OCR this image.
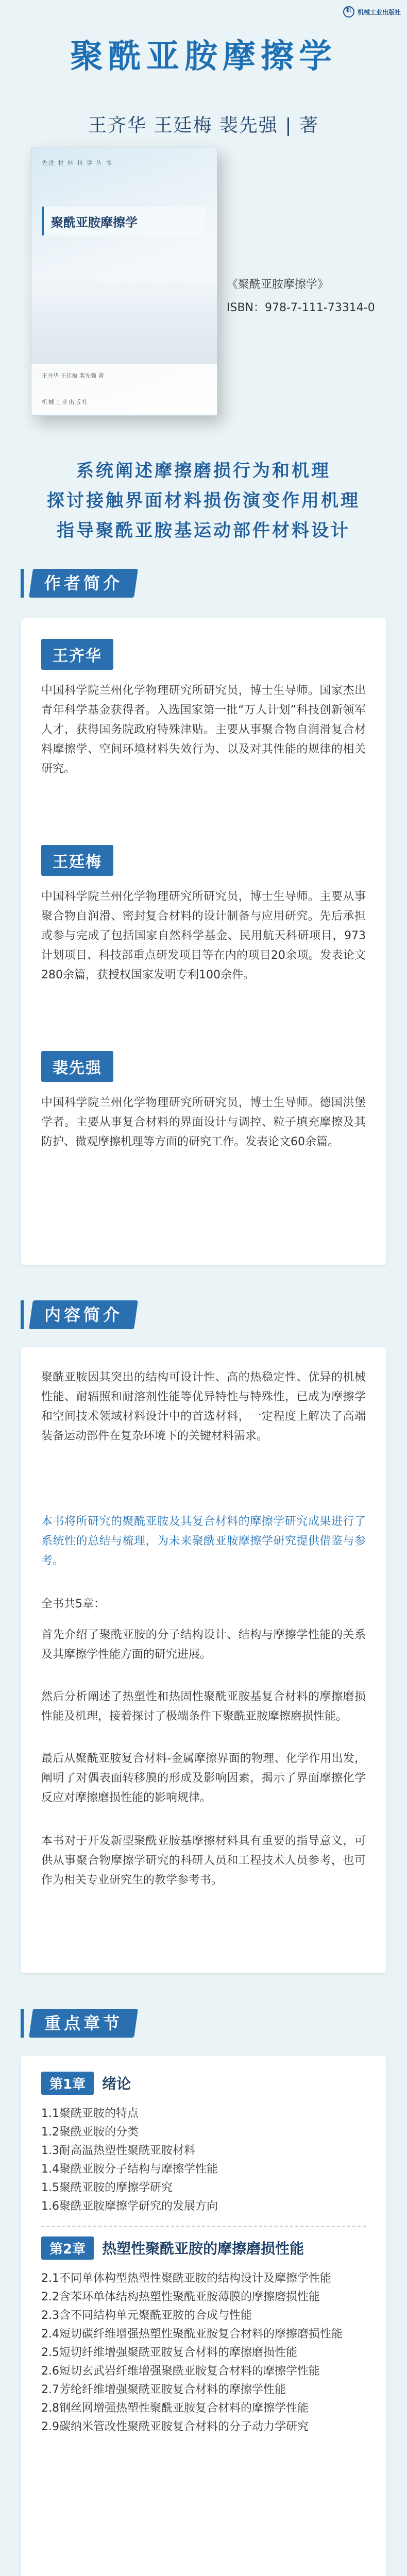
机	机械工业出版社
聚酰亚胺摩擦学
王齐华 王廷梅 裴先强 | 著
先进 材 料 科 学 丛 书
聚酰亚胺摩擦学
王齐华 王廷梅 裴先强 著
机械工业出版社
《聚酰亚胺摩擦学》
ISBN：978-7-111-73314-0
系统阐述摩擦磨损行为和机理
探讨接触界面材料损伤演变作用机理
指导聚酰亚胺基运动部件材料设计
作者简介
王齐华
中国科学院兰州化学物理研究所研究员，博士生导师。国家杰出青年科学基金获得者。入选国家第一批“万人计划”科技创新领军人才，获得国务院政府特殊津贴。主要从事聚合物自润滑复合材料摩擦学、空间环境材料失效行为、以及对其性能的规律的相关研究。
王廷梅
中国科学院兰州化学物理研究所研究员，博士生导师。主要从事聚合物自润滑、密封复合材料的设计制备与应用研究。先后承担或参与完成了包括国家自然科学基金、民用航天科研项目，973计划项目、科技部重点研发项目等在内的项目20余项。发表论文280余篇，获授权国家发明专利100余件。
裴先强
中国科学院兰州化学物理研究所研究员，博士生导师。德国洪堡学者。主要从事复合材料的界面设计与调控、粒子填充摩擦及其防护、微观摩擦机理等方面的研究工作。发表论文60余篇。
内容简介
聚酰亚胺因其突出的结构可设计性、高的热稳定性、优异的机械性能、耐辐照和耐溶剂性能等优异特性与特殊性，已成为摩擦学和空间技术领域材料设计中的首选材料，一定程度上解决了高端装备运动部件在复杂环境下的关键材料需求。
本书将所研究的聚酰亚胺及其复合材料的摩擦学研究成果进行了系统性的总结与梳理，为未来聚酰亚胺摩擦学研究提供借鉴与参考。
全书共5章：
首先介绍了聚酰亚胺的分子结构设计、结构与摩擦学性能的关系及其摩擦学性能方面的研究进展。
然后分析阐述了热塑性和热固性聚酰亚胺基复合材料的摩擦磨损性能及机理，接着探讨了极端条件下聚酰亚胺摩擦磨损性能。
最后从聚酰亚胺复合材料-金属摩擦界面的物理、化学作用出发，阐明了对偶表面转移膜的形成及影响因素，揭示了界面摩擦化学反应对摩擦磨损性能的影响规律。
本书对于开发新型聚酰亚胺基摩擦材料具有重要的指导意义，可供从事聚合物摩擦学研究的科研人员和工程技术人员参考，也可作为相关专业研究生的教学参考书。
重点章节
第1章	绪论
1.1聚酰亚胺的特点
1.2聚酰亚胺的分类
1.3耐高温热塑性聚酰亚胺材料
1.4聚酰亚胺分子结构与摩擦学性能
1.5聚酰亚胺的摩擦学研究
1.6聚酰亚胺摩擦学研究的发展方向
第2章	热塑性聚酰亚胺的摩擦磨损性能
2.1不同单体构型热塑性聚酰亚胺的结构设计及摩擦学性能
2.2含苯环单体结构热塑性聚酰亚胺薄膜的摩擦磨损性能
2.3含不同结构单元聚酰亚胺的合成与性能
2.4短切碳纤维增强热塑性聚酰亚胺复合材料的摩擦磨损性能
2.5短切纤维增强聚酰亚胺复合材料的摩擦磨损性能
2.6短切玄武岩纤维增强聚酰亚胺复合材料的摩擦学性能
2.7芳纶纤维增强聚酰亚胺复合材料的摩擦学性能
2.8钢丝网增强热塑性聚酰亚胺复合材料的摩擦学性能
2.9碳纳米管改性聚酰亚胺复合材料的分子动力学研究
